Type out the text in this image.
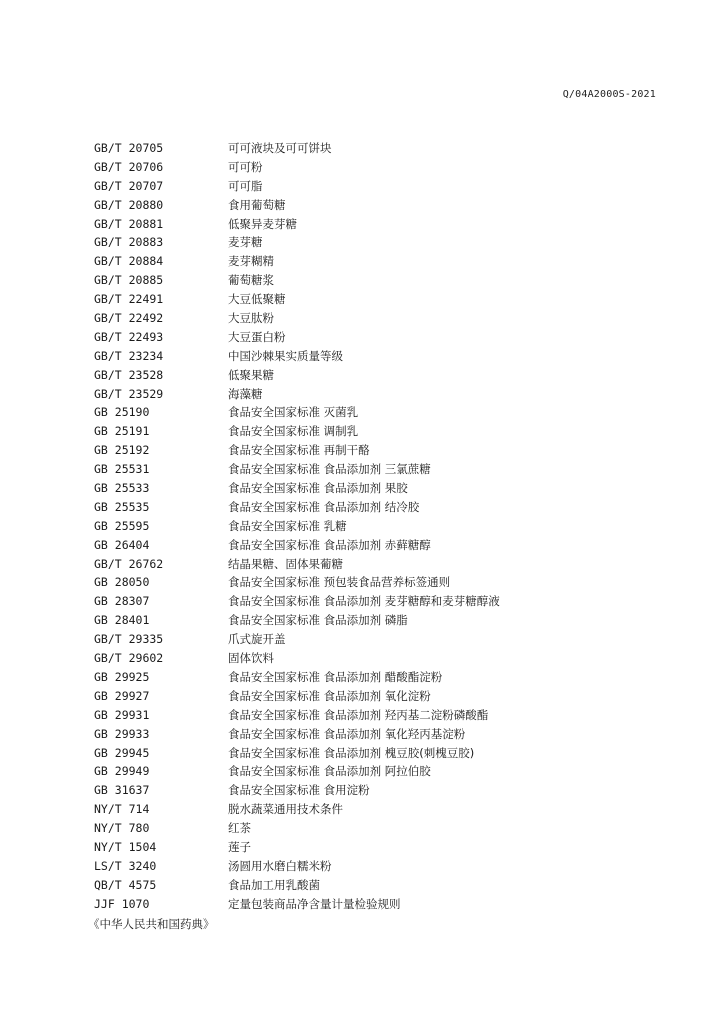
Q/04A2000S-2021
GB/T 20705	可可液块及可可饼块
GB/T 20706	可可粉
GB/T 20707	可可脂
GB/T 20880	食用葡萄糖
GB/T 20881	低聚异麦芽糖
GB/T 20883	麦芽糖
GB/T 20884	麦芽糊精
GB/T 20885	葡萄糖浆
GB/T 22491	大豆低聚糖
GB/T 22492	大豆肽粉
GB/T 22493	大豆蛋白粉
GB/T 23234	中国沙棘果实质量等级
GB/T 23528	低聚果糖
GB/T 23529	海藻糖
GB 25190	食品安全国家标准 灭菌乳
GB 25191	食品安全国家标准 调制乳
GB 25192	食品安全国家标准 再制干酪
GB 25531	食品安全国家标准 食品添加剂 三氯蔗糖
GB 25533	食品安全国家标准 食品添加剂 果胶
GB 25535	食品安全国家标准 食品添加剂 结冷胶
GB 25595	食品安全国家标准 乳糖
GB 26404	食品安全国家标准 食品添加剂 赤藓糖醇
GB/T 26762	结晶果糖、固体果葡糖
GB 28050	食品安全国家标准 预包装食品营养标签通则
GB 28307	食品安全国家标准 食品添加剂 麦芽糖醇和麦芽糖醇液
GB 28401	食品安全国家标准 食品添加剂 磷脂
GB/T 29335	爪式旋开盖
GB/T 29602	固体饮料
GB 29925	食品安全国家标准 食品添加剂 醋酸酯淀粉
GB 29927	食品安全国家标准 食品添加剂 氧化淀粉
GB 29931	食品安全国家标准 食品添加剂 羟丙基二淀粉磷酸酯
GB 29933	食品安全国家标准 食品添加剂 氧化羟丙基淀粉
GB 29945	食品安全国家标准 食品添加剂 槐豆胶(刺槐豆胶)
GB 29949	食品安全国家标准 食品添加剂 阿拉伯胶
GB 31637	食品安全国家标准 食用淀粉
NY/T 714	脱水蔬菜通用技术条件
NY/T 780	红茶
NY/T 1504	莲子
LS/T 3240	汤圆用水磨白糯米粉
QB/T 4575	食品加工用乳酸菌
JJF 1070	定量包装商品净含量计量检验规则
《中华人民共和国药典》
